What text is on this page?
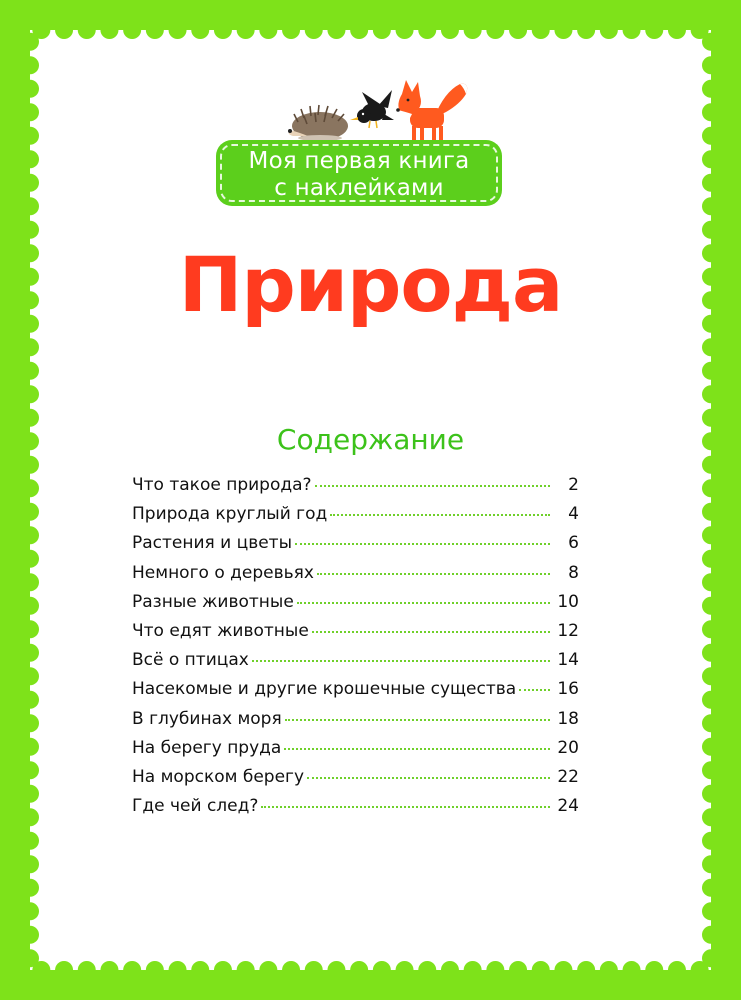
Моя первая книга
с наклейками
Природа
Содержание
Что такое природа?	2
Природа круглый год	4
Растения и цветы	6
Немного о деревьях	8
Разные животные	10
Что едят животные	12
Всё о птицах	14
Насекомые и другие крошечные существа 16
В глубинах моря	18
На берегу пруда	20
На морском берегу	22
Где чей след?	24
